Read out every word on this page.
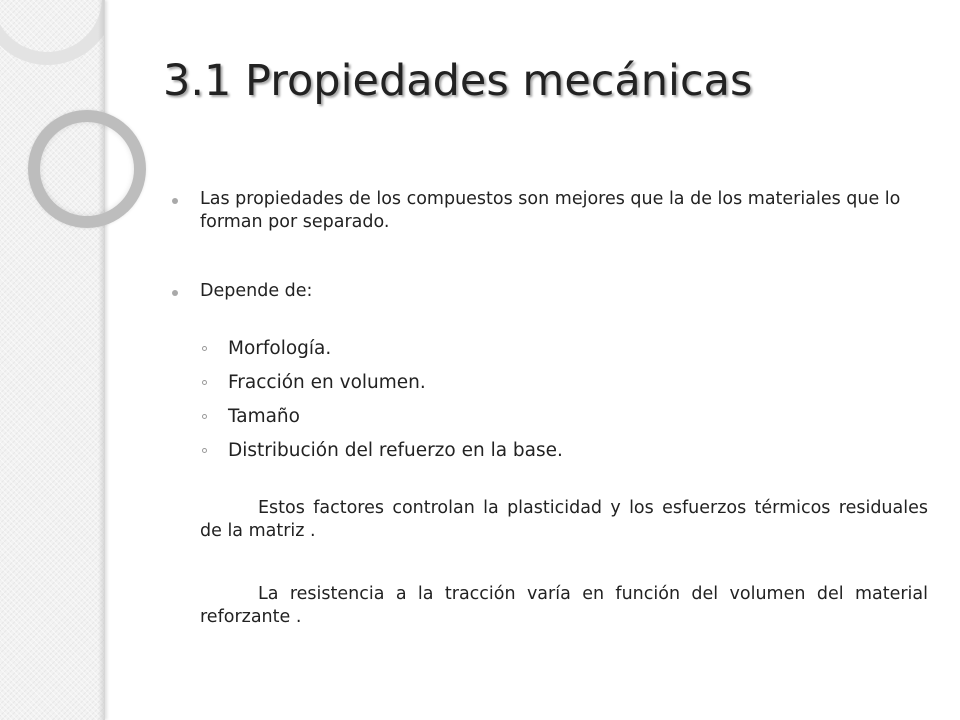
3.1 Propiedades mecánicas
Las propiedades de los compuestos son mejores que la de los materiales que lo forman por separado.
Depende de:
Morfología.
Fracción en volumen.
Tamaño
Distribución del refuerzo en la base.
Estos factores controlan la plasticidad y los esfuerzos térmicos residuales de la matriz .
La resistencia a la tracción varía en función del volumen del material reforzante .
